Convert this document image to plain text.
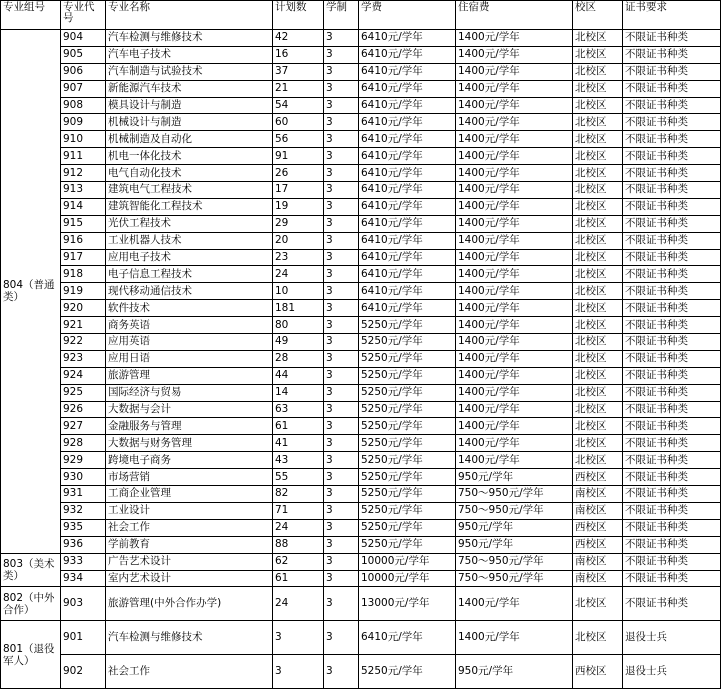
专业组号	专业代号	专业名称	计划数	学制	学费	住宿费	校区	证书要求
804（普通类）	904	汽车检测与维修技术	42	3	6410元/学年	1400元/学年	北校区	不限证书种类
	905	汽车电子技术	16	3	6410元/学年	1400元/学年	北校区	不限证书种类
	906	汽车制造与试验技术	37	3	6410元/学年	1400元/学年	北校区	不限证书种类
	907	新能源汽车技术	21	3	6410元/学年	1400元/学年	北校区	不限证书种类
	908	模具设计与制造	54	3	6410元/学年	1400元/学年	北校区	不限证书种类
	909	机械设计与制造	60	3	6410元/学年	1400元/学年	北校区	不限证书种类
	910	机械制造及自动化	56	3	6410元/学年	1400元/学年	北校区	不限证书种类
	911	机电一体化技术	91	3	6410元/学年	1400元/学年	北校区	不限证书种类
	912	电气自动化技术	26	3	6410元/学年	1400元/学年	北校区	不限证书种类
	913	建筑电气工程技术	17	3	6410元/学年	1400元/学年	北校区	不限证书种类
	914	建筑智能化工程技术	19	3	6410元/学年	1400元/学年	北校区	不限证书种类
	915	光伏工程技术	29	3	6410元/学年	1400元/学年	北校区	不限证书种类
	916	工业机器人技术	20	3	6410元/学年	1400元/学年	北校区	不限证书种类
	917	应用电子技术	23	3	6410元/学年	1400元/学年	北校区	不限证书种类
	918	电子信息工程技术	24	3	6410元/学年	1400元/学年	北校区	不限证书种类
	919	现代移动通信技术	10	3	6410元/学年	1400元/学年	北校区	不限证书种类
	920	软件技术	181	3	6410元/学年	1400元/学年	北校区	不限证书种类
	921	商务英语	80	3	5250元/学年	1400元/学年	北校区	不限证书种类
	922	应用英语	49	3	5250元/学年	1400元/学年	北校区	不限证书种类
	923	应用日语	28	3	5250元/学年	1400元/学年	北校区	不限证书种类
	924	旅游管理	44	3	5250元/学年	1400元/学年	北校区	不限证书种类
	925	国际经济与贸易	14	3	5250元/学年	1400元/学年	北校区	不限证书种类
	926	大数据与会计	63	3	5250元/学年	1400元/学年	北校区	不限证书种类
	927	金融服务与管理	61	3	5250元/学年	1400元/学年	北校区	不限证书种类
	928	大数据与财务管理	41	3	5250元/学年	1400元/学年	北校区	不限证书种类
	929	跨境电子商务	43	3	5250元/学年	1400元/学年	北校区	不限证书种类
	930	市场营销	55	3	5250元/学年	950元/学年	西校区	不限证书种类
	931	工商企业管理	82	3	5250元/学年	750～950元/学年	南校区	不限证书种类
	932	工业设计	71	3	5250元/学年	750～950元/学年	南校区	不限证书种类
	935	社会工作	24	3	5250元/学年	950元/学年	西校区	不限证书种类
	936	学前教育	88	3	5250元/学年	950元/学年	西校区	不限证书种类
803（美术类）	933	广告艺术设计	62	3	10000元/学年	750～950元/学年	南校区	不限证书种类
	934	室内艺术设计	61	3	10000元/学年	750～950元/学年	南校区	不限证书种类
802（中外合作）	903	旅游管理(中外合作办学)	24	3	13000元/学年	1400元/学年	北校区	不限证书种类
801（退役军人）	901	汽车检测与维修技术	3	3	6410元/学年	1400元/学年	北校区	退役士兵
	902	社会工作	3	3	5250元/学年	950元/学年	西校区	退役士兵
